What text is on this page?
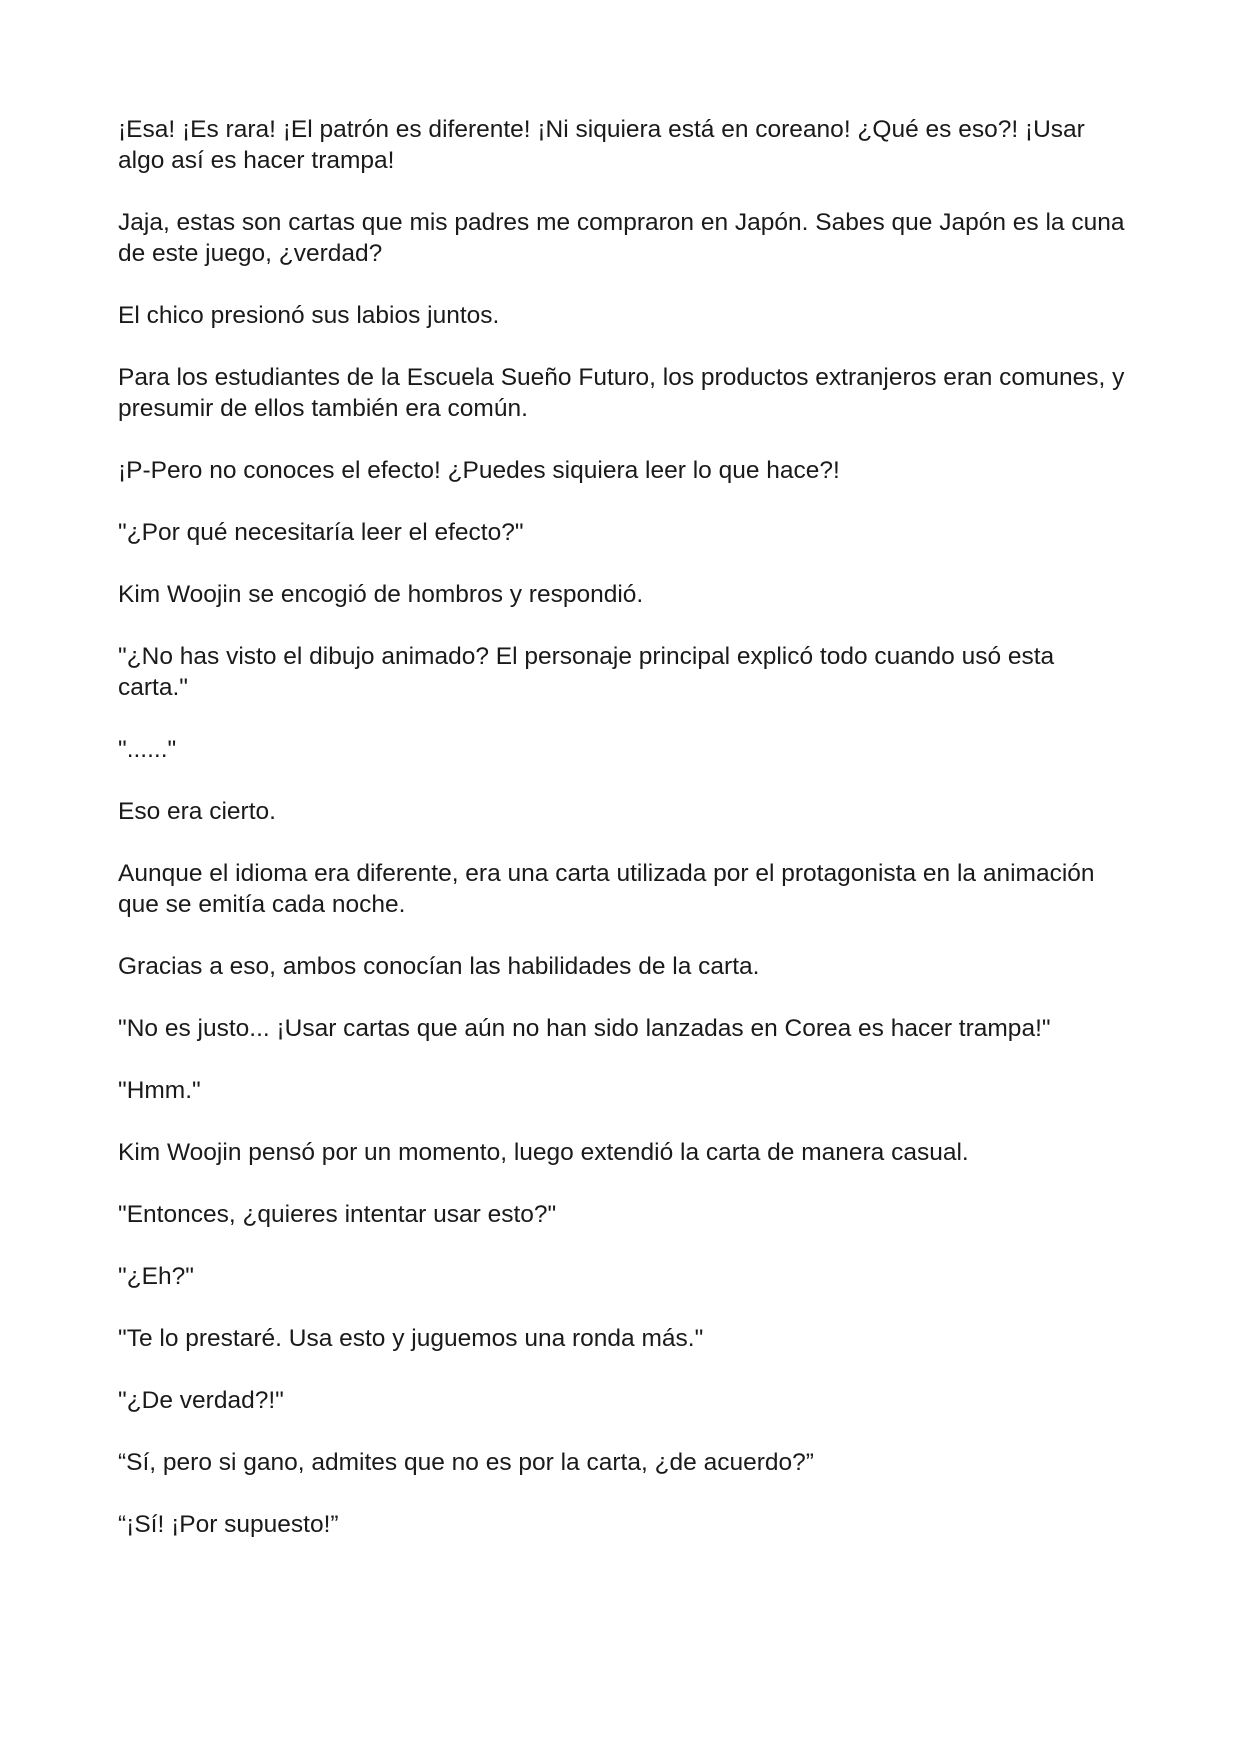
¡Esa! ¡Es rara! ¡El patrón es diferente! ¡Ni siquiera está en coreano! ¿Qué es eso?! ¡Usar algo así es hacer trampa!

Jaja, estas son cartas que mis padres me compraron en Japón. Sabes que Japón es la cuna de este juego, ¿verdad?

El chico presionó sus labios juntos.

Para los estudiantes de la Escuela Sueño Futuro, los productos extranjeros eran comunes, y presumir de ellos también era común.

¡P-Pero no conoces el efecto! ¿Puedes siquiera leer lo que hace?!

"¿Por qué necesitaría leer el efecto?"

Kim Woojin se encogió de hombros y respondió.

"¿No has visto el dibujo animado? El personaje principal explicó todo cuando usó esta carta."

"......"

Eso era cierto.

Aunque el idioma era diferente, era una carta utilizada por el protagonista en la animación que se emitía cada noche.

Gracias a eso, ambos conocían las habilidades de la carta.

"No es justo... ¡Usar cartas que aún no han sido lanzadas en Corea es hacer trampa!"

"Hmm."

Kim Woojin pensó por un momento, luego extendió la carta de manera casual.

"Entonces, ¿quieres intentar usar esto?"

"¿Eh?"

"Te lo prestaré. Usa esto y juguemos una ronda más."

"¿De verdad?!"

“Sí, pero si gano, admites que no es por la carta, ¿de acuerdo?”

“¡Sí! ¡Por supuesto!”
